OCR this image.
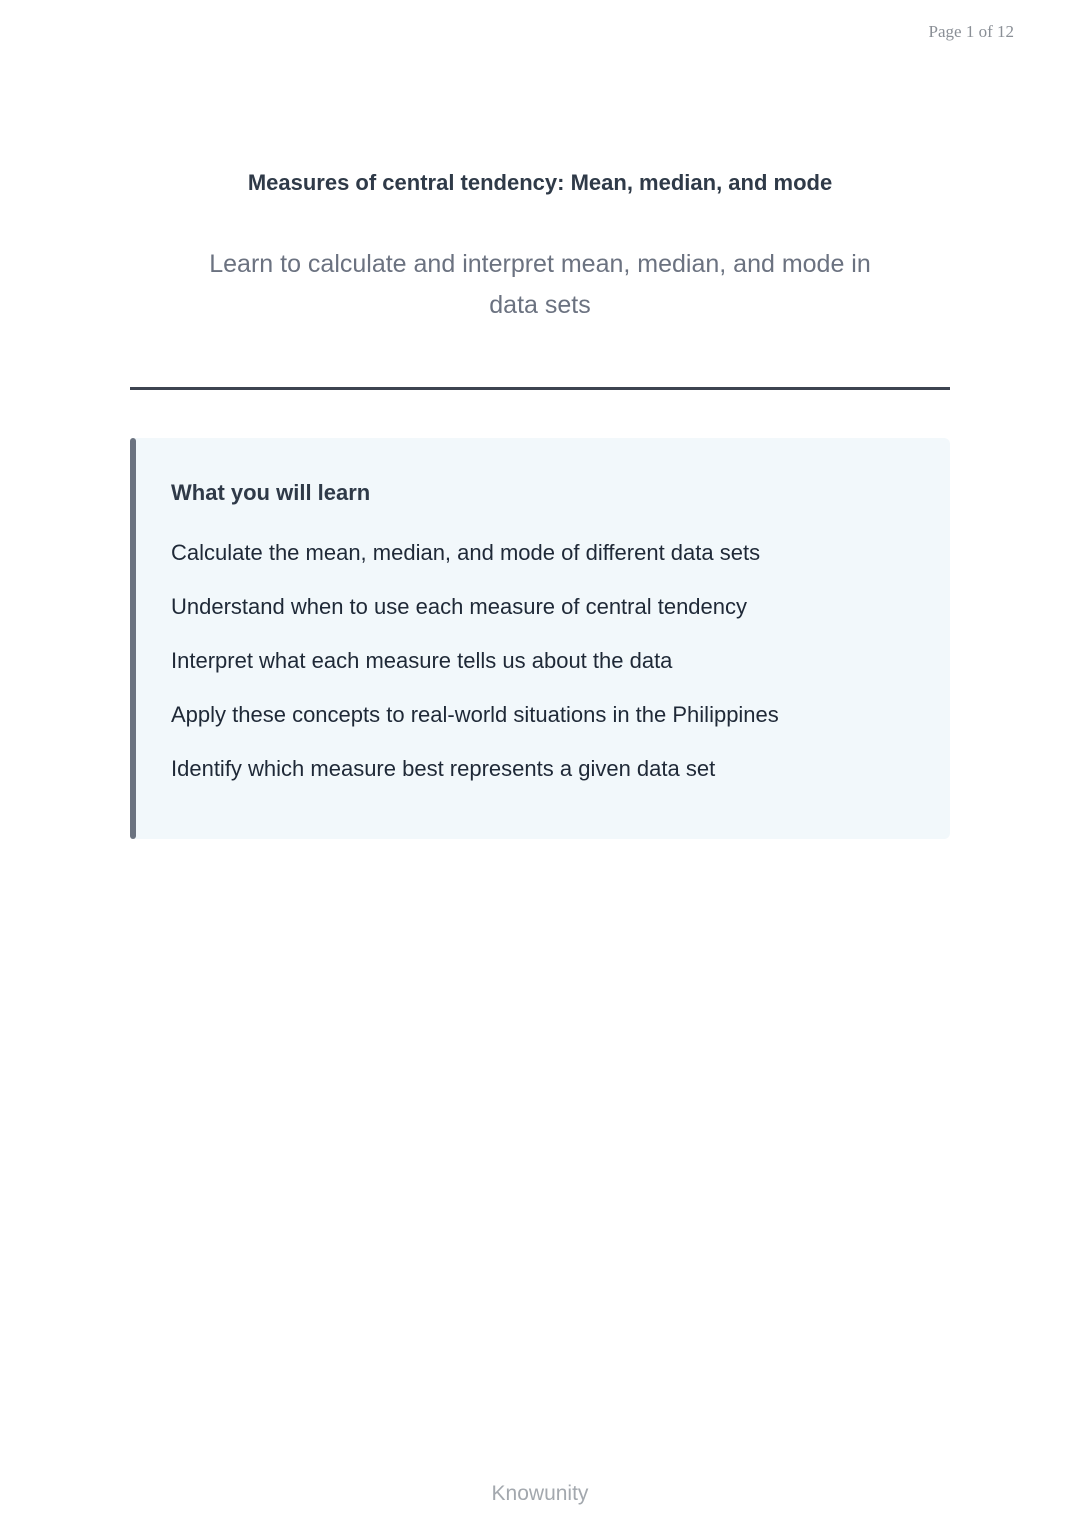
Page 1 of 12
Measures of central tendency: Mean, median, and mode
Learn to calculate and interpret mean, median, and mode in data sets
What you will learn
Calculate the mean, median, and mode of different data sets
Understand when to use each measure of central tendency
Interpret what each measure tells us about the data
Apply these concepts to real-world situations in the Philippines
Identify which measure best represents a given data set
Knowunity
